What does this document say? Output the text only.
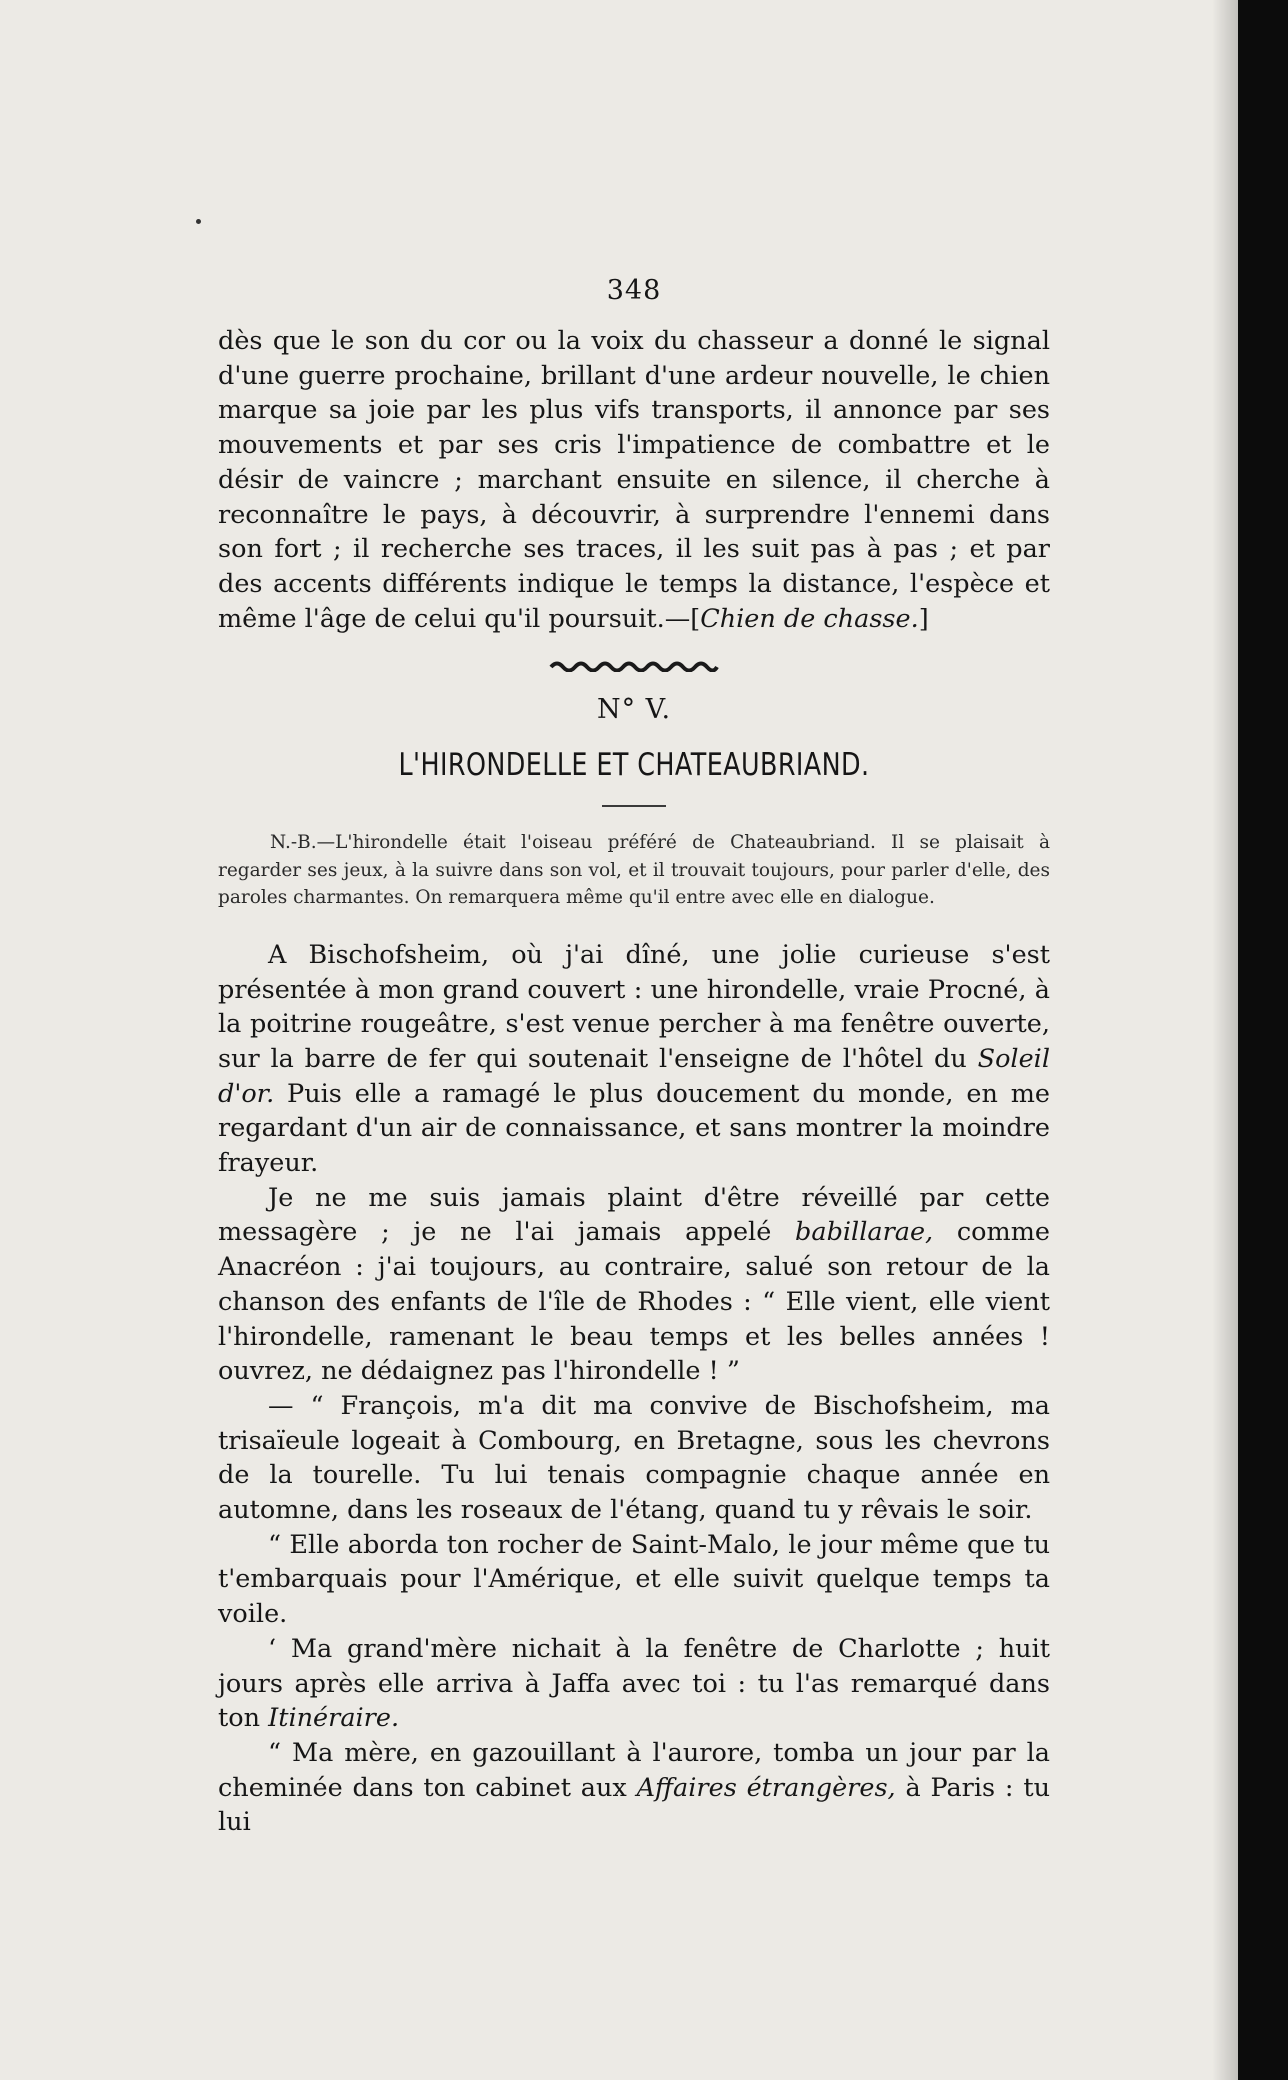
348

dès que le son du cor ou la voix du chasseur a donné le signal d'une guerre prochaine, brillant d'une ardeur nouvelle, le chien marque sa joie par les plus vifs transports, il annonce par ses mouvements et par ses cris l'impatience de combattre et le désir de vaincre ; marchant ensuite en silence, il cherche à reconnaître le pays, à découvrir, à surprendre l'ennemi dans son fort ; il recherche ses traces, il les suit pas à pas ; et par des accents différents indique le temps la distance, l'espèce et même l'âge de celui qu'il poursuit.—[Chien de chasse.]

N° V.
L'HIRONDELLE ET CHATEAUBRIAND.

N.-B.—L'hirondelle était l'oiseau préféré de Chateaubriand. Il se plaisait à regarder ses jeux, à la suivre dans son vol, et il trouvait toujours, pour parler d'elle, des paroles charmantes. On remarquera même qu'il entre avec elle en dialogue.

A Bischofsheim, où j'ai dîné, une jolie curieuse s'est présentée à mon grand couvert : une hirondelle, vraie Procné, à la poitrine rougeâtre, s'est venue percher à ma fenêtre ouverte, sur la barre de fer qui soutenait l'enseigne de l'hôtel du Soleil d'or. Puis elle a ramagé le plus doucement du monde, en me regardant d'un air de connaissance, et sans montrer la moindre frayeur.

Je ne me suis jamais plaint d'être réveillé par cette messagère ; je ne l'ai jamais appelé babillarae, comme Anacréon : j'ai toujours, au contraire, salué son retour de la chanson des enfants de l'île de Rhodes : “ Elle vient, elle vient l'hirondelle, ramenant le beau temps et les belles années ! ouvrez, ne dédaignez pas l'hirondelle ! ”

— “ François, m'a dit ma convive de Bischofsheim, ma trisaïeule logeait à Combourg, en Bretagne, sous les chevrons de la tourelle. Tu lui tenais compagnie chaque année en automne, dans les roseaux de l'étang, quand tu y rêvais le soir.

“ Elle aborda ton rocher de Saint-Malo, le jour même que tu t'embarquais pour l'Amérique, et elle suivit quelque temps ta voile.

‘ Ma grand'mère nichait à la fenêtre de Charlotte ; huit jours après elle arriva à Jaffa avec toi : tu l'as remarqué dans ton Itinéraire.

“ Ma mère, en gazouillant à l'aurore, tomba un jour par la cheminée dans ton cabinet aux Affaires étrangères, à Paris : tu lui
